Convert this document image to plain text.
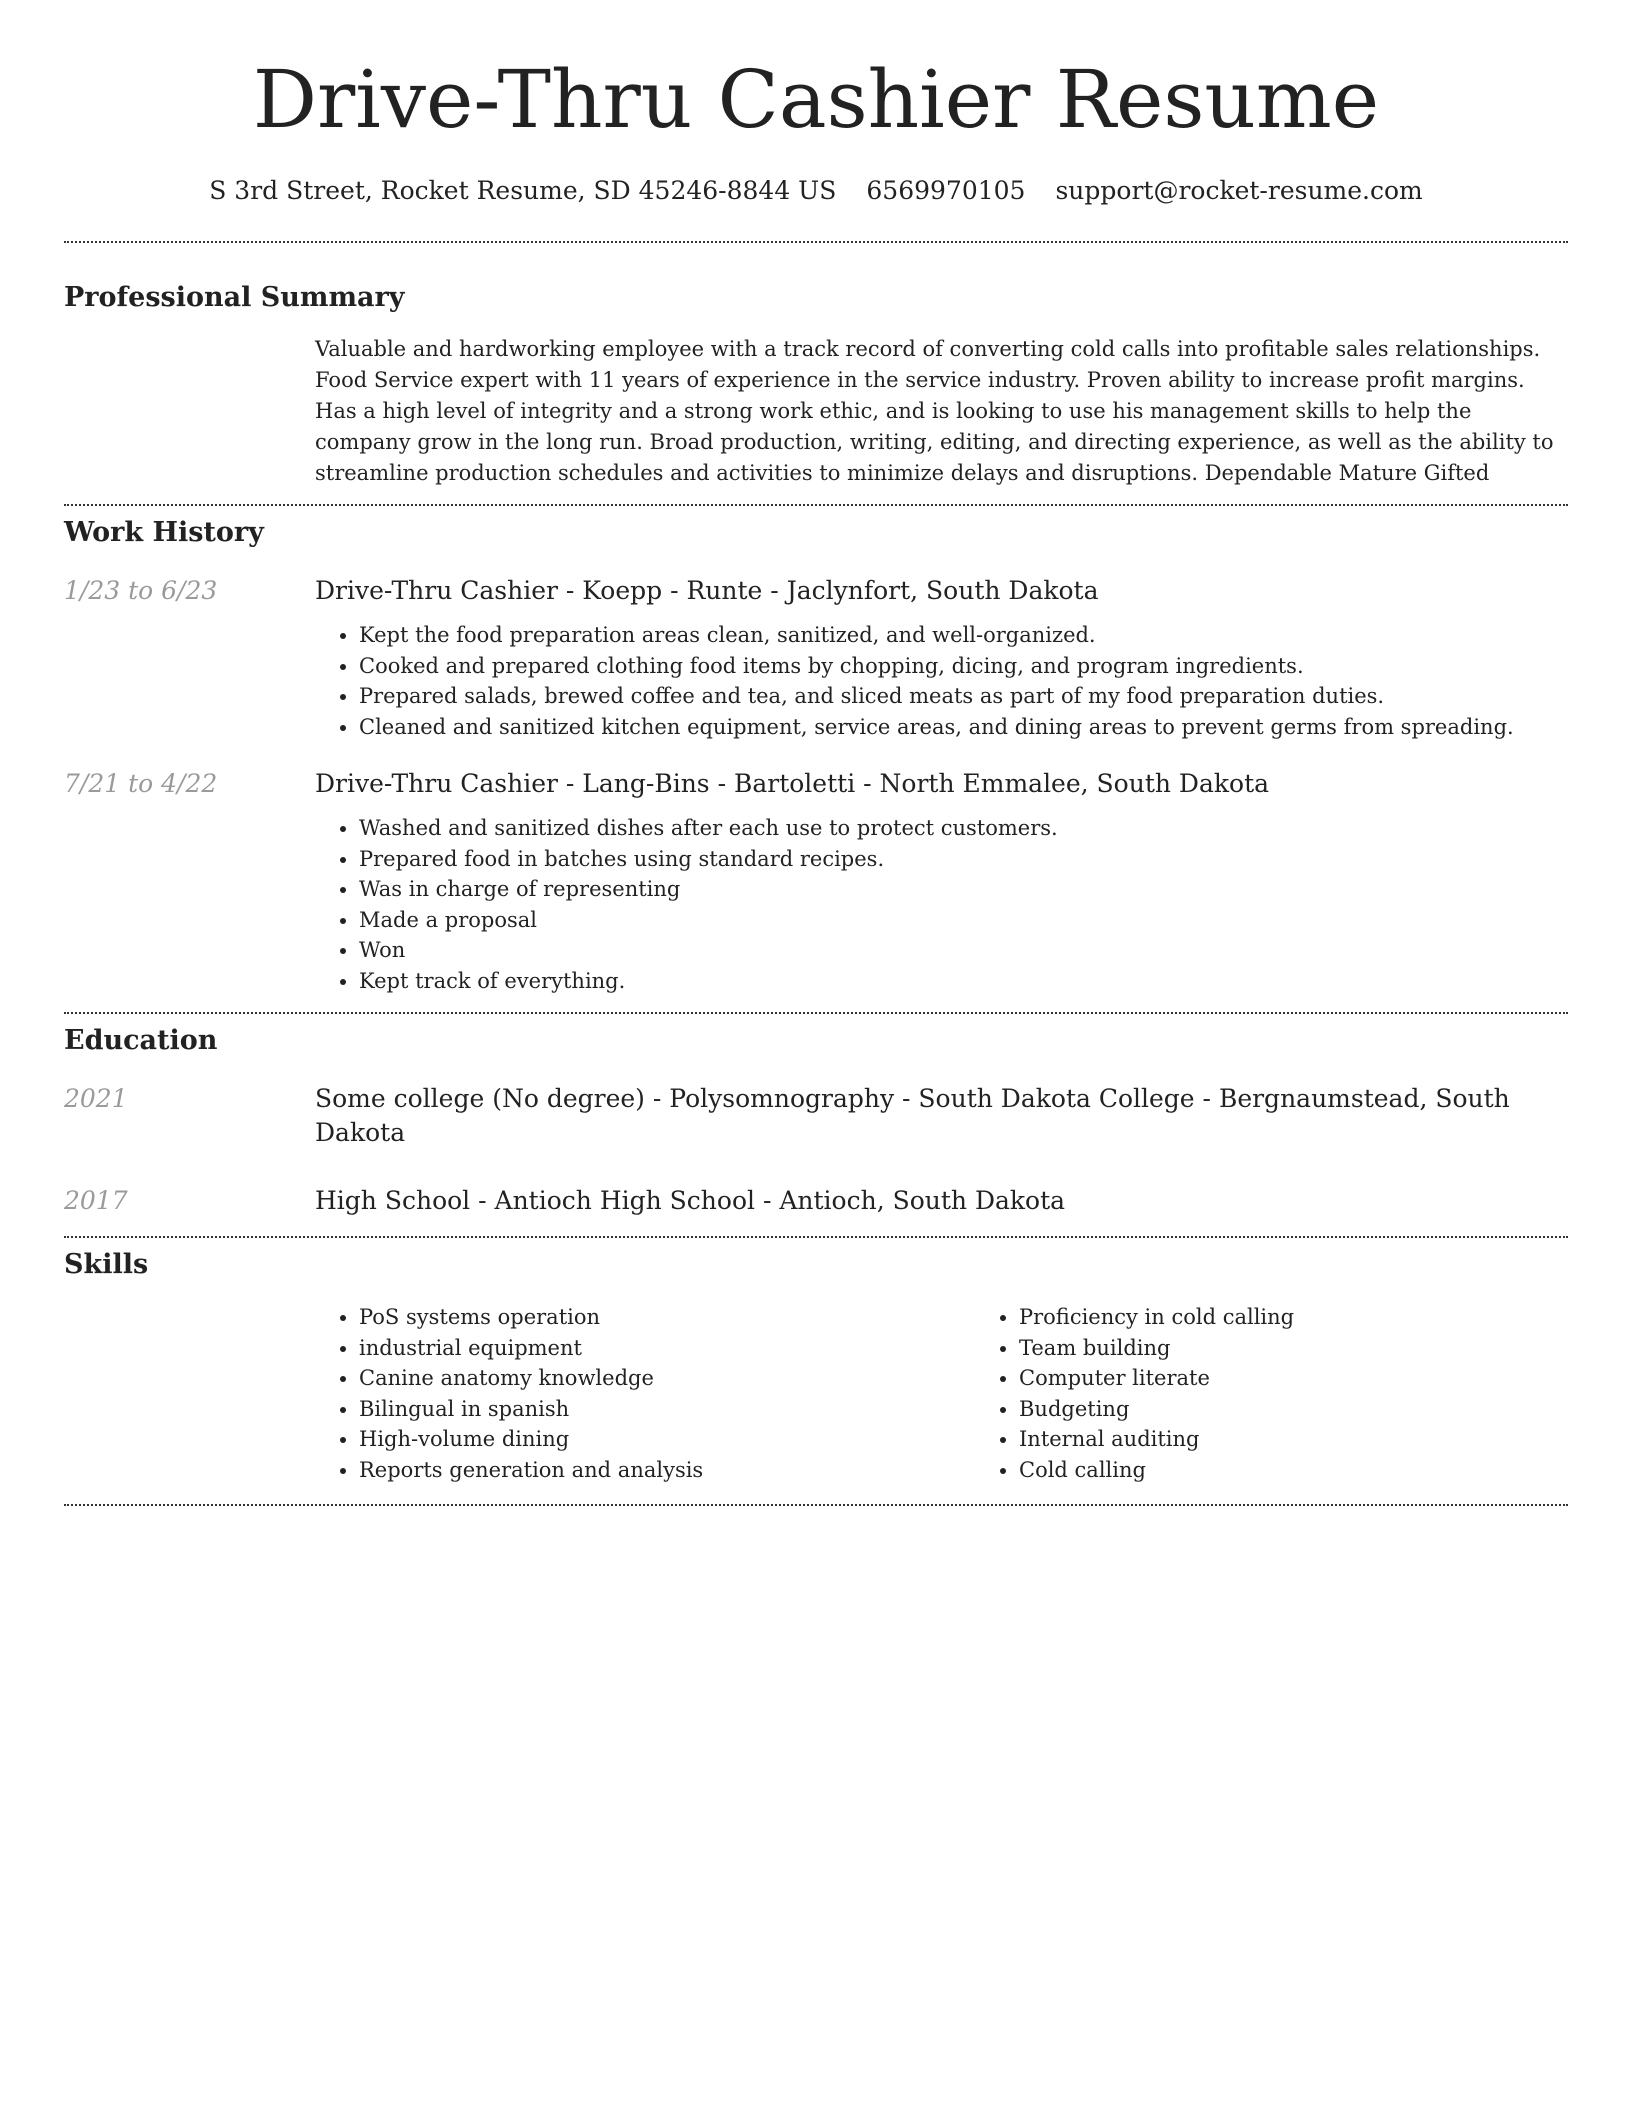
Drive-Thru Cashier Resume
S 3rd Street, Rocket Resume, SD 45246-8844 US 6569970105 support@rocket-resume.com
Professional Summary
Valuable and hardworking employee with a track record of converting cold calls into profitable sales relationships. Food Service expert with 11 years of experience in the service industry. Proven ability to increase profit margins. Has a high level of integrity and a strong work ethic, and is looking to use his management skills to help the company grow in the long run. Broad production, writing, editing, and directing experience, as well as the ability to streamline production schedules and activities to minimize delays and disruptions. Dependable Mature Gifted
Work History
1/23 to 6/23	Drive-Thru Cashier - Koepp - Runte - Jaclynfort, South Dakota
• Kept the food preparation areas clean, sanitized, and well-organized.
• Cooked and prepared clothing food items by chopping, dicing, and program ingredients.
• Prepared salads, brewed coffee and tea, and sliced meats as part of my food preparation duties.
• Cleaned and sanitized kitchen equipment, service areas, and dining areas to prevent germs from spreading.
7/21 to 4/22	Drive-Thru Cashier - Lang-Bins - Bartoletti - North Emmalee, South Dakota
• Washed and sanitized dishes after each use to protect customers.
• Prepared food in batches using standard recipes.
• Was in charge of representing
• Made a proposal
• Won
• Kept track of everything.
Education
2021	Some college (No degree) - Polysomnography - South Dakota College - Bergnaumstead, South Dakota
2017	High School - Antioch High School - Antioch, South Dakota
Skills
• PoS systems operation
• industrial equipment
• Canine anatomy knowledge
• Bilingual in spanish
• High-volume dining
• Reports generation and analysis
• Proficiency in cold calling
• Team building
• Computer literate
• Budgeting
• Internal auditing
• Cold calling
